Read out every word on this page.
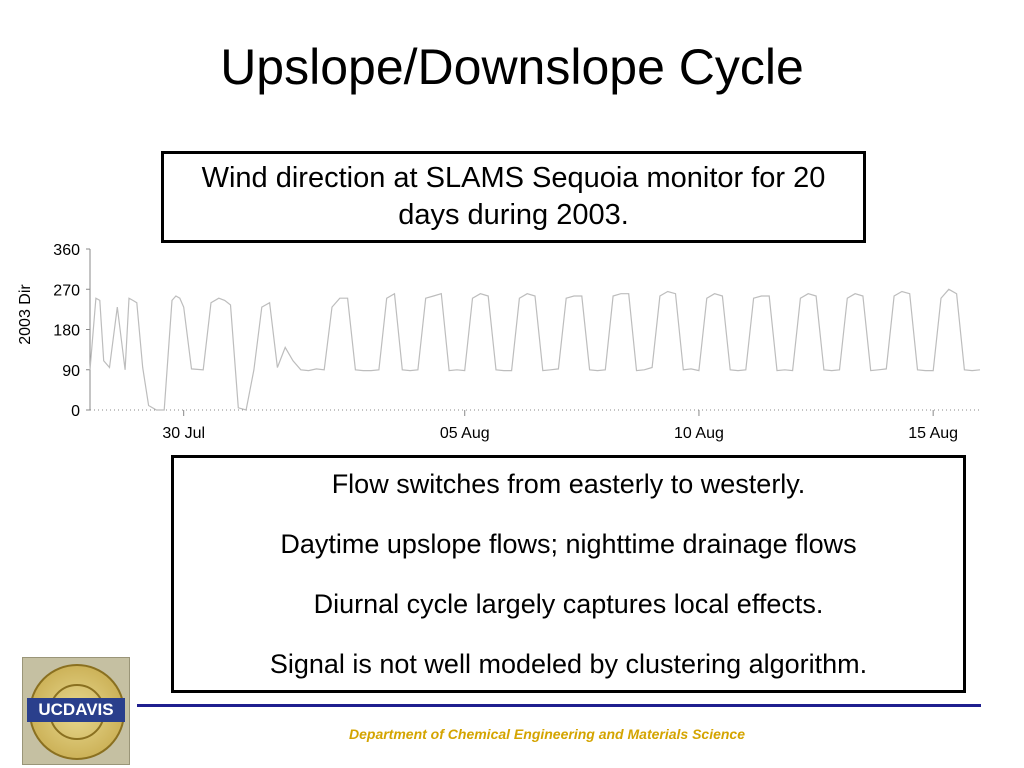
Upslope/Downslope Cycle
Wind direction at SLAMS Sequoia monitor for 20 days during 2003.
0
90
180
270
360
2003 Dir
30 Jul	05 Aug	10 Aug	15 Aug

Flow switches from easterly to westerly.

Daytime upslope flows; nighttime drainage flows

Diurnal cycle largely captures local effects.

Signal is not well modeled by clustering algorithm.

UCDAVIS
Department of Chemical Engineering and Materials Science
